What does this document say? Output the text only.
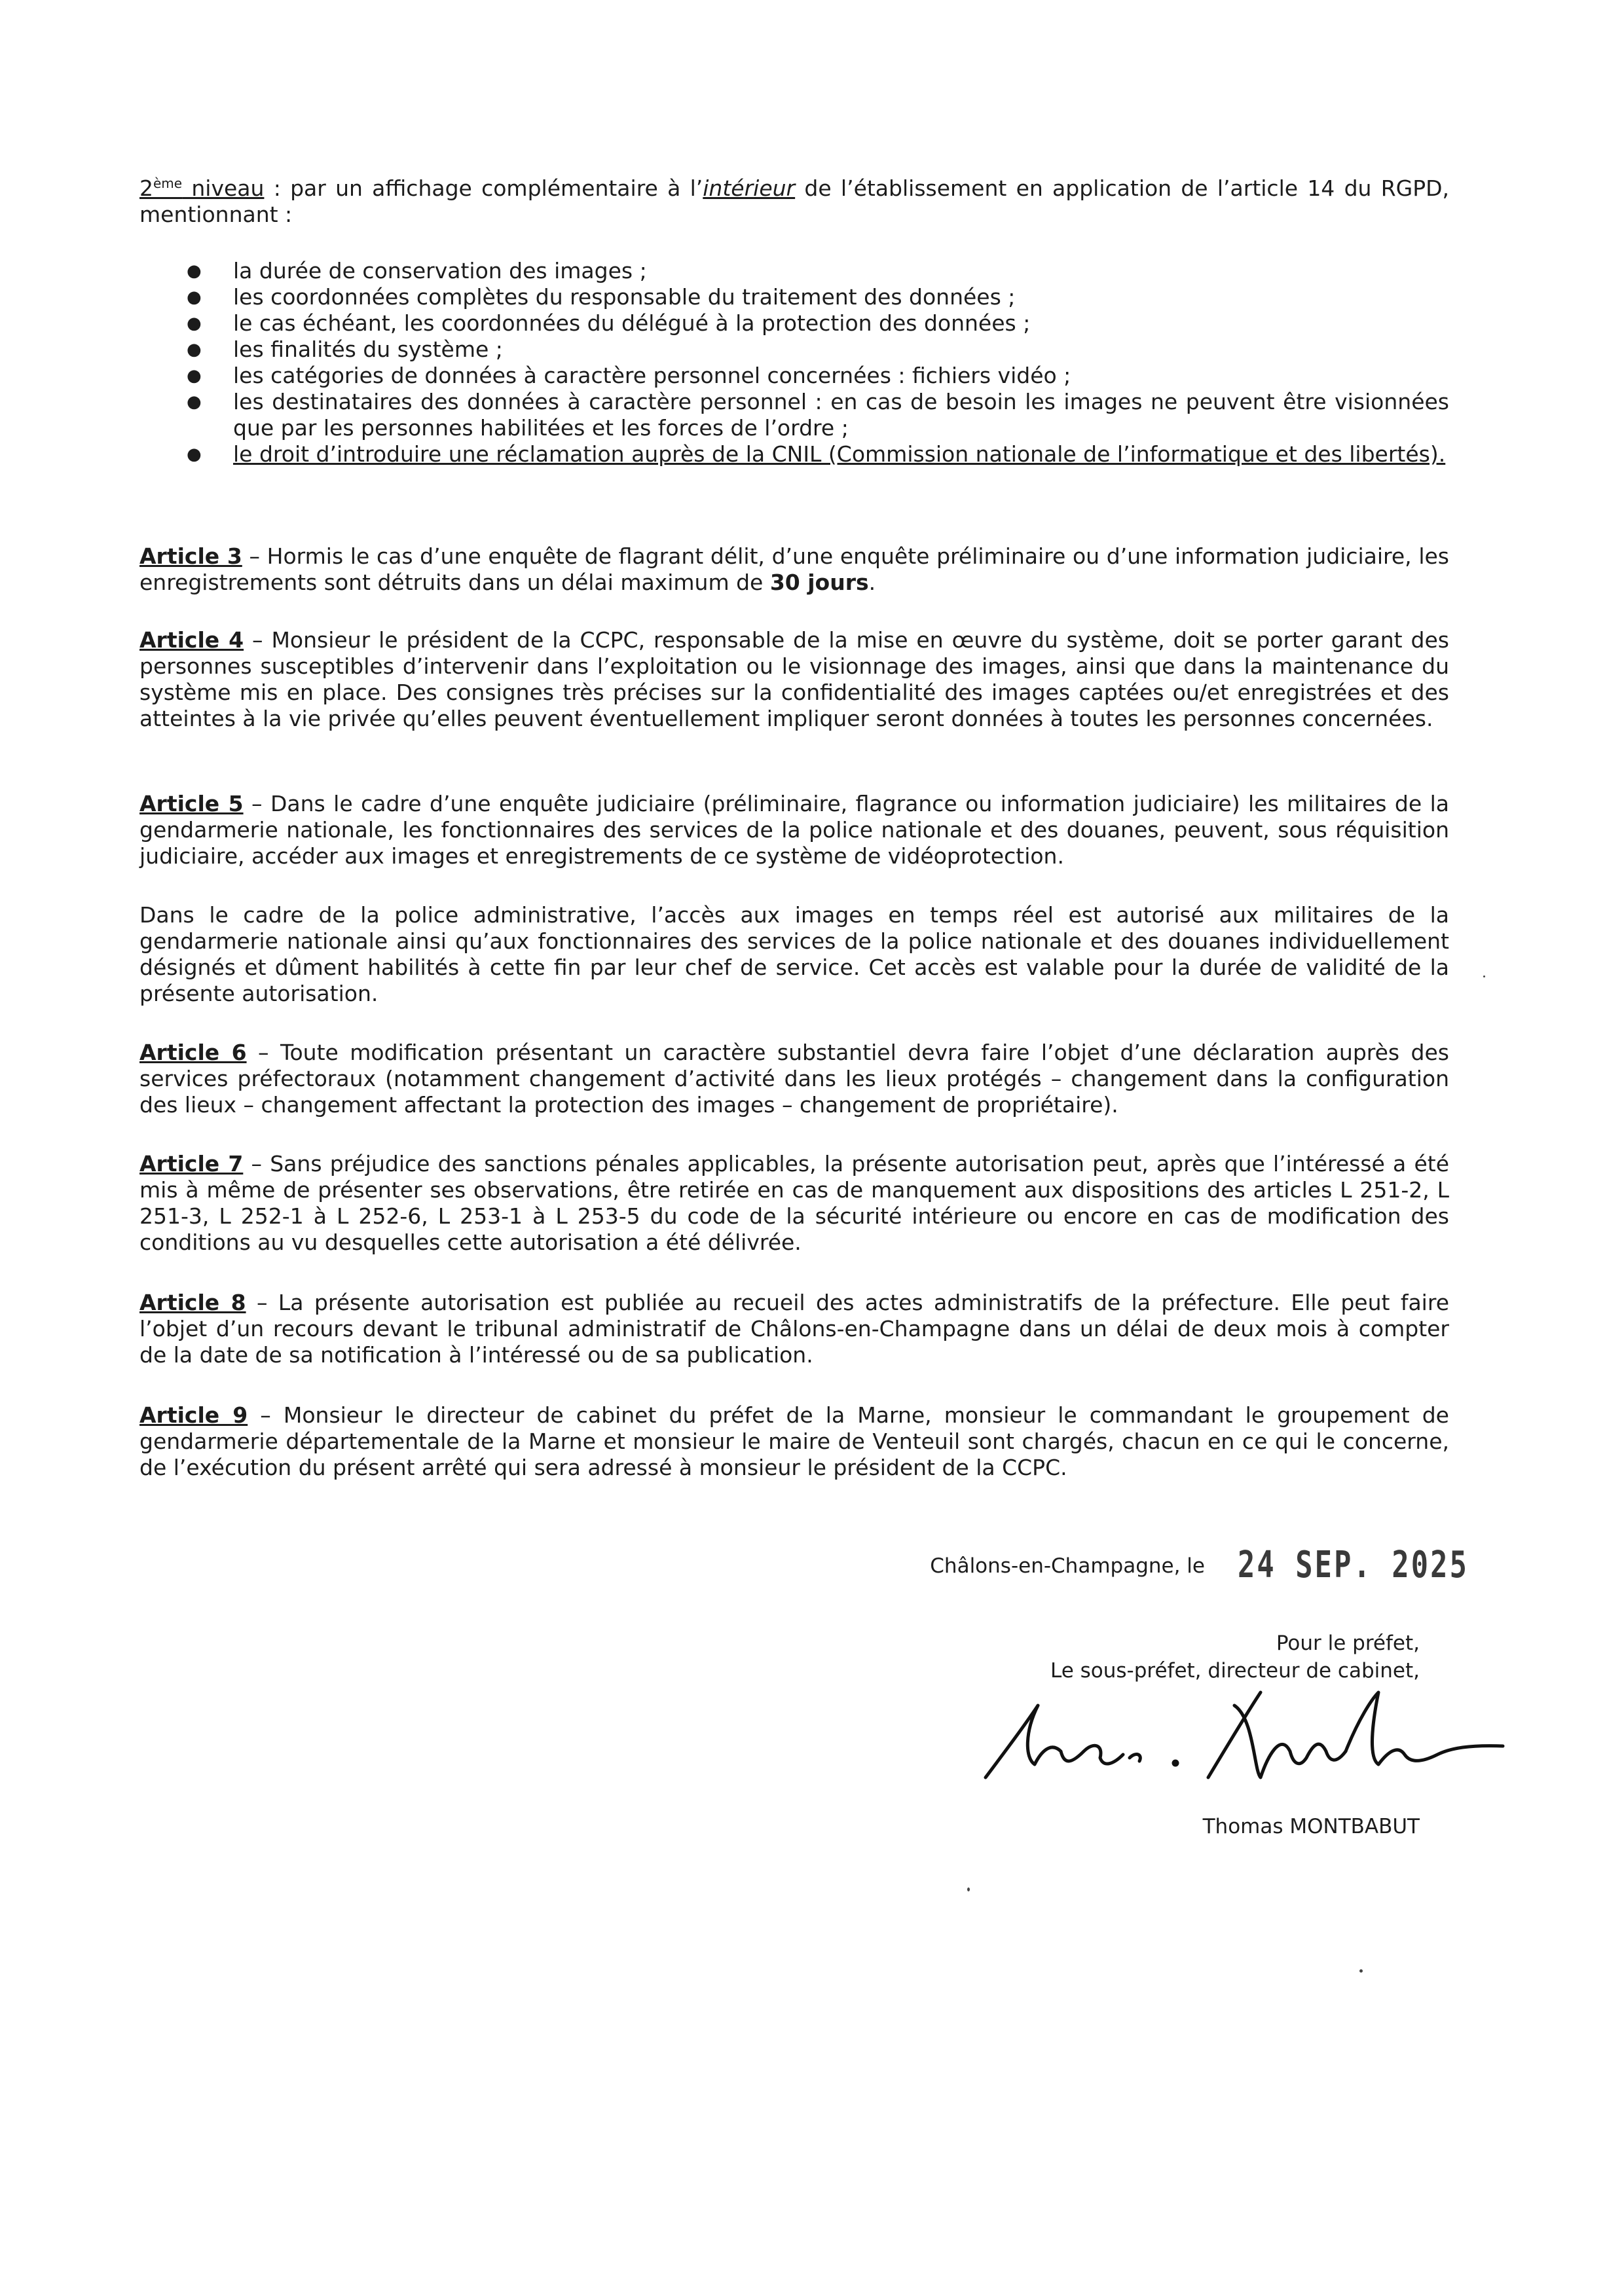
2ème niveau : par un affichage complémentaire à l’intérieur de l’établissement en application de l’article 14 du RGPD, mentionnant :
● la durée de conservation des images ;
● les coordonnées complètes du responsable du traitement des données ;
● le cas échéant, les coordonnées du délégué à la protection des données ;
● les finalités du système ;
● les catégories de données à caractère personnel concernées : fichiers vidéo ;
● les destinataires des données à caractère personnel : en cas de besoin les images ne peuvent être visionnées que par les personnes habilitées et les forces de l’ordre ;
● le droit d’introduire une réclamation auprès de la CNIL (Commission nationale de l’informatique et des libertés).
Article 3 – Hormis le cas d’une enquête de flagrant délit, d’une enquête préliminaire ou d’une information judiciaire, les enregistrements sont détruits dans un délai maximum de 30 jours.
Article 4 – Monsieur le président de la CCPC, responsable de la mise en œuvre du système, doit se porter garant des personnes susceptibles d’intervenir dans l’exploitation ou le visionnage des images, ainsi que dans la maintenance du système mis en place. Des consignes très précises sur la confidentialité des images captées ou/et enregistrées et des atteintes à la vie privée qu’elles peuvent éventuellement impliquer seront données à toutes les personnes concernées.
Article 5 – Dans le cadre d’une enquête judiciaire (préliminaire, flagrance ou information judiciaire) les militaires de la gendarmerie nationale, les fonctionnaires des services de la police nationale et des douanes, peuvent, sous réquisition judiciaire, accéder aux images et enregistrements de ce système de vidéoprotection.
Dans le cadre de la police administrative, l’accès aux images en temps réel est autorisé aux militaires de la gendarmerie nationale ainsi qu’aux fonctionnaires des services de la police nationale et des douanes individuellement désignés et dûment habilités à cette fin par leur chef de service. Cet accès est valable pour la durée de validité de la présente autorisation.
Article 6 – Toute modification présentant un caractère substantiel devra faire l’objet d’une déclaration auprès des services préfectoraux (notamment changement d’activité dans les lieux protégés – changement dans la configuration des lieux – changement affectant la protection des images – changement de propriétaire).
Article 7 – Sans préjudice des sanctions pénales applicables, la présente autorisation peut, après que l’intéressé a été mis à même de présenter ses observations, être retirée en cas de manquement aux dispositions des articles L 251-2, L 251-3, L 252-1 à L 252-6, L 253-1 à L 253-5 du code de la sécurité intérieure ou encore en cas de modification des conditions au vu desquelles cette autorisation a été délivrée.
Article 8 – La présente autorisation est publiée au recueil des actes administratifs de la préfecture. Elle peut faire l’objet d’un recours devant le tribunal administratif de Châlons-en-Champagne dans un délai de deux mois à compter de la date de sa notification à l’intéressé ou de sa publication.
Article 9 – Monsieur le directeur de cabinet du préfet de la Marne, monsieur le commandant le groupement de gendarmerie départementale de la Marne et monsieur le maire de Venteuil sont chargés, chacun en ce qui le concerne, de l’exécution du présent arrêté qui sera adressé à monsieur le président de la CCPC.
Châlons-en-Champagne, le 24 SEP. 2025
Pour le préfet,
Le sous-préfet, directeur de cabinet,
Thomas MONTBABUT
